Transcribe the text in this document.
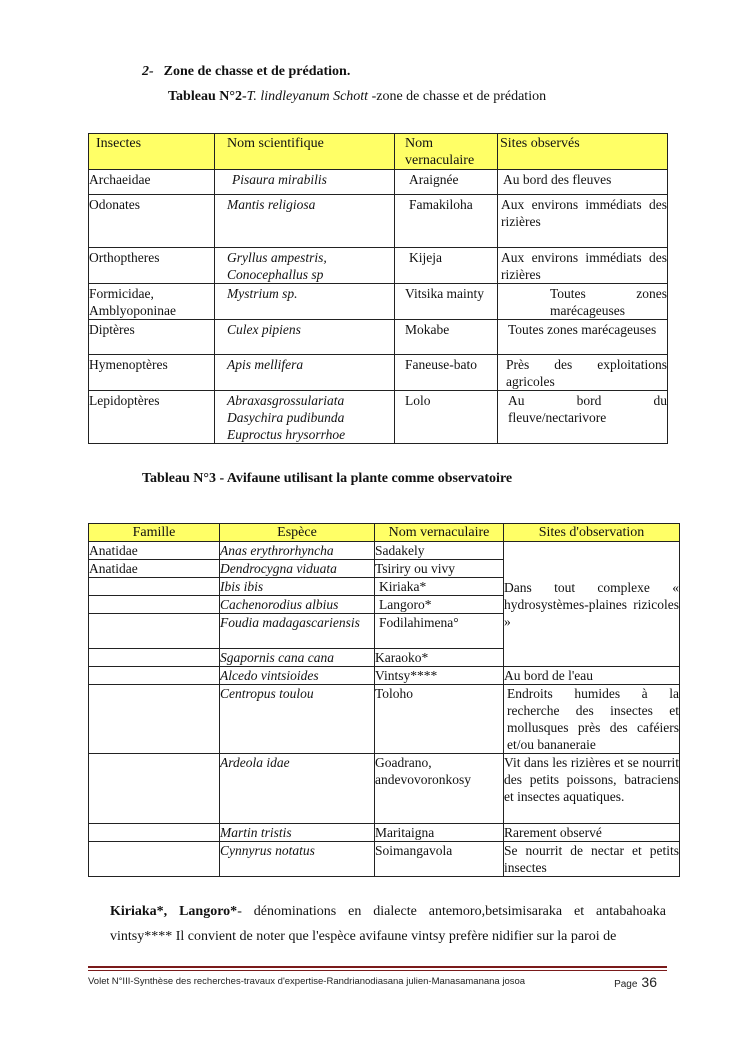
2- Zone de chasse et de prédation.
Tableau N°2-T. lindleyanum Schott -zone de chasse et de prédation
Insectes	Nom scientifique	Nom vernaculaire	Sites observés
Archaeidae	Pisaura mirabilis	Araignée	Au bord des fleuves
Odonates	Mantis religiosa	Famakiloha	Aux environs immédiats des rizières
Orthoptheres	Gryllus ampestris, Conocephallus sp	Kijeja	Aux environs immédiats des rizières
Formicidae, Amblyoponinae	Mystrium sp.	Vitsika mainty	Toutes zones marécageuses
Diptères	Culex pipiens	Mokabe	Toutes zones marécageuses
Hymenoptères	Apis mellifera	Faneuse-bato	Près des exploitations agricoles
Lepidoptères	Abraxasgrossulariata Dasychira pudibunda Euproctus hrysorrhoe	Lolo	Au bord du fleuve/nectarivore
Tableau N°3 - Avifaune utilisant la plante comme observatoire
Famille	Espèce	Nom vernaculaire	Sites d'observation
Anatidae	Anas erythrorhyncha	Sadakely	Dans tout complexe « hydrosystèmes-plaines rizicoles »

Anatidae	Dendrocygna viduata	Tsiriry ou vivy	
	Ibis ibis	Kiriaka*	
	Cachenorodius albius	Langoro*	
	Foudia madagascariensis	Fodilahimena°	
	Sgapornis cana cana	Karaoko*	
	Alcedo vintsioides	Vintsy****	Au bord de l'eau
	Centropus toulou	Toloho	Endroits humides à la recherche des insectes et mollusques près des caféiers et/ou bananeraie
	Ardeola idae	Goadrano, andevovoronkosy	Vit dans les rizières et se nourrit des petits poissons, batraciens et insectes aquatiques.
	Martin tristis	Maritaigna	Rarement observé
	Cynnyrus notatus	Soimangavola	Se nourrit de nectar et petits insectes
Kiriaka*, Langoro*- dénominations en dialecte antemoro,betsimisaraka et antabahoaka vintsy**** Il convient de noter que l'espèce avifaune vintsy prefère nidifier sur la paroi de
Volet N°III-Synthèse des recherches-travaux d'expertise-Randrianodiasana julien-Manasamanana josoa	Page 36
